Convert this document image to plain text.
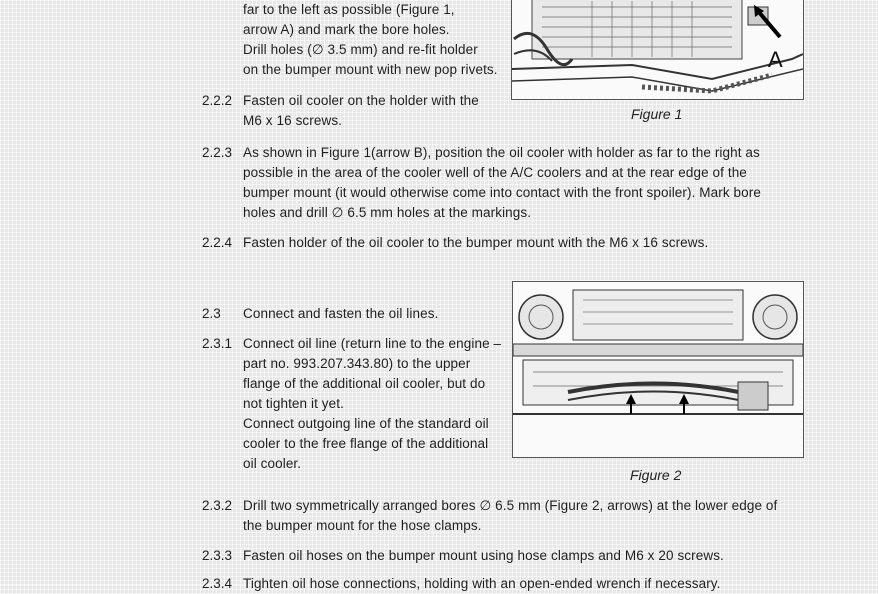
A
Figure 1
far to the left as possible (Figure 1,
arrow A) and mark the bore holes.
Drill holes (∅ 3.5 mm) and re-fit holder
on the bumper mount with new pop rivets.
2.2.2 Fasten oil cooler on the holder with the
M6 x 16 screws.
2.2.3 As shown in Figure 1(arrow B), position the oil cooler with holder as far to the right as
possible in the area of the cooler well of the A/C coolers and at the rear edge of the
bumper mount (it would otherwise come into contact with the front spoiler). Mark bore
holes and drill ∅ 6.5 mm holes at the markings.
2.2.4 Fasten holder of the oil cooler to the bumper mount with the M6 x 16 screws.
Figure 2
2.3 Connect and fasten the oil lines.
2.3.1 Connect oil line (return line to the engine –
part no. 993.207.343.80) to the upper
flange of the additional oil cooler, but do
not tighten it yet.
Connect outgoing line of the standard oil
cooler to the free flange of the additional
oil cooler.
2.3.2 Drill two symmetrically arranged bores ∅ 6.5 mm (Figure 2, arrows) at the lower edge of
the bumper mount for the hose clamps.
2.3.3 Fasten oil hoses on the bumper mount using hose clamps and M6 x 20 screws.
2.3.4 Tighten oil hose connections, holding with an open-ended wrench if necessary.
